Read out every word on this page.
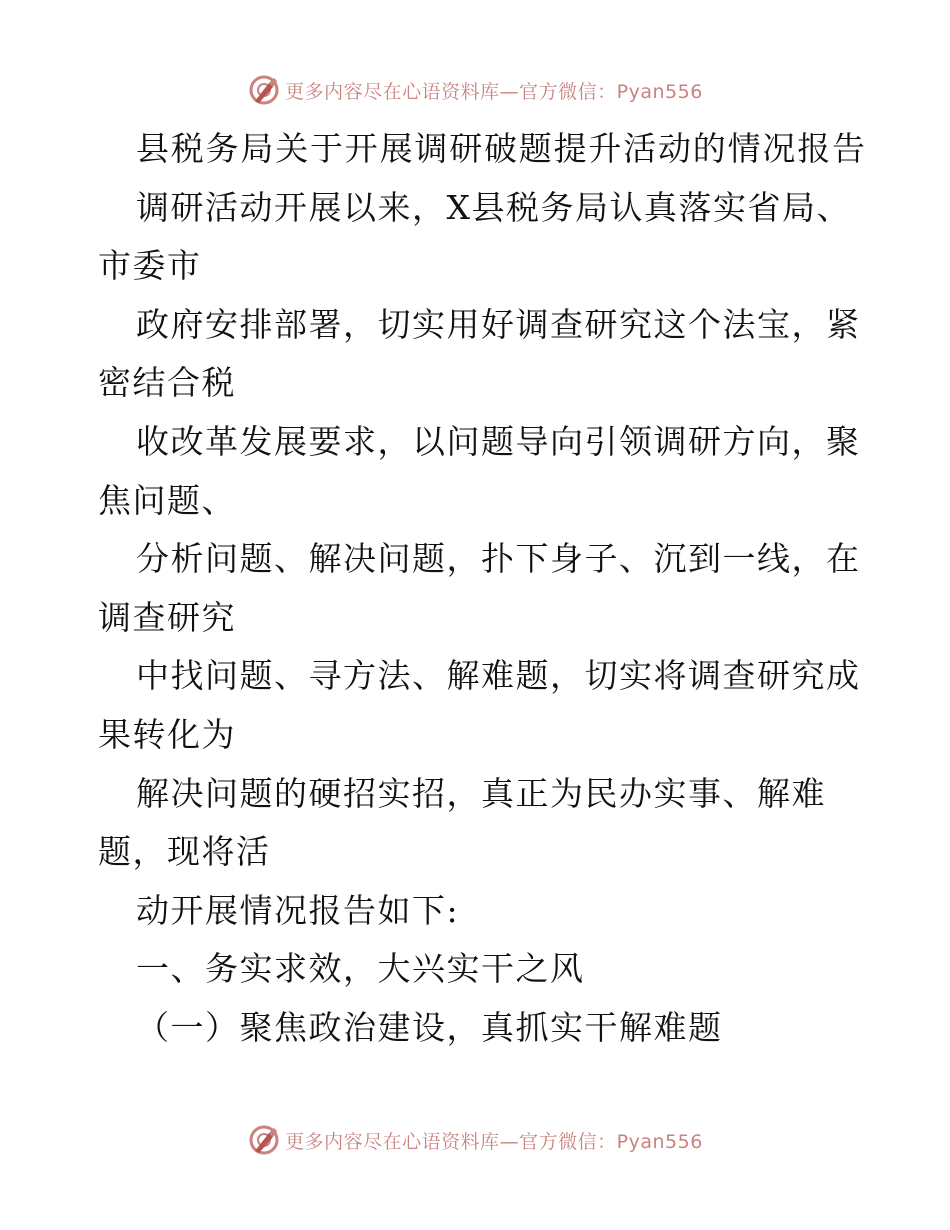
更多内容尽在心语资料库—官方微信：Pyan556
县税务局关于开展调研破题提升活动的情况报告
调研活动开展以来，X县税务局认真落实省局、
市委市
政府安排部署，切实用好调查研究这个法宝，紧
密结合税
收改革发展要求，以问题导向引领调研方向，聚
焦问题、
分析问题、解决问题，扑下身子、沉到一线，在
调查研究
中找问题、寻方法、解难题，切实将调查研究成
果转化为
解决问题的硬招实招，真正为民办实事、解难
题，现将活
动开展情况报告如下:
一、务实求效，大兴实干之风
（一）聚焦政治建设，真抓实干解难题
更多内容尽在心语资料库—官方微信：Pyan556
